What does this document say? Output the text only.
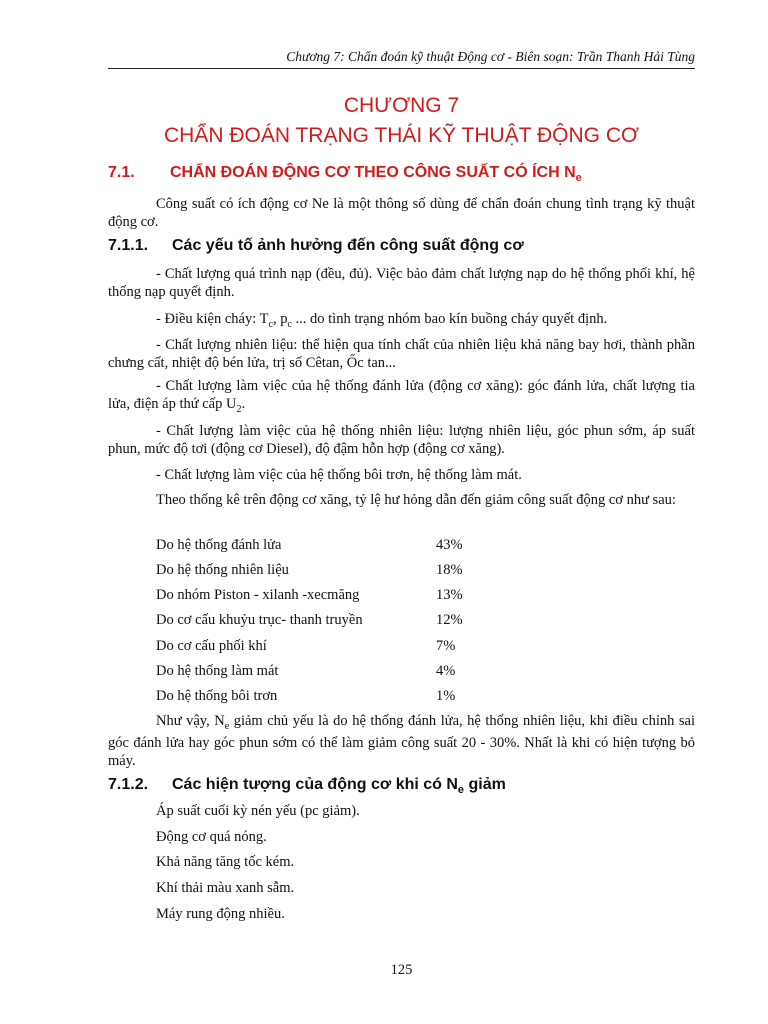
Chương 7: Chẩn đoán kỹ thuật Động cơ - Biên soạn: Trần Thanh Hải Tùng
CHƯƠNG 7
CHẨN ĐOÁN TRẠNG THÁI KỸ THUẬT ĐỘNG CƠ
7.1. CHẨN ĐOÁN ĐỘNG CƠ THEO CÔNG SUẤT CÓ ÍCH $N_e$
Công suất có ích động cơ Ne là một thông số dùng để chẩn đoán chung tình trạng kỹ thuật động cơ.
7.1.1. Các yếu tố ảnh hưởng đến công suất động cơ
- Chất lượng quá trình nạp (đều, đủ). Việc bảo đảm chất lượng nạp do hệ thống phối khí, hệ thống nạp quyết định.
- Điều kiện cháy: $T_c$, $p_c$ ... do tình trạng nhóm bao kín buồng cháy quyết định.
- Chất lượng nhiên liệu: thể hiện qua tính chất của nhiên liệu khả năng bay hơi, thành phần chưng cất, nhiệt độ bén lửa, trị số Cêtan, Ốc tan...
- Chất lượng làm việc của hệ thống đánh lửa (động cơ xăng): góc đánh lửa, chất lượng tia lửa, điện áp thứ cấp $U_2$.
- Chất lượng làm việc của hệ thống nhiên liệu: lượng nhiên liệu, góc phun sớm, áp suất phun, mức độ tơi (động cơ Diesel), độ đậm hỗn hợp (động cơ xăng).
- Chất lượng làm việc của hệ thống bôi trơn, hệ thống làm mát.
Theo thống kê trên động cơ xăng, tỷ lệ hư hỏng dẫn đến giảm công suất động cơ như sau:
Do hệ thống đánh lửa	43%
Do hệ thống nhiên liệu	18%
Do nhóm Piston - xilanh -xecmăng	13%
Do cơ cấu khuỷu trục- thanh truyền	12%
Do cơ cấu phối khí	7%
Do hệ thống làm mát	4%
Do hệ thống bôi trơn	1%
Như vậy, $N_e$ giảm chủ yếu là do hệ thống đánh lửa, hệ thống nhiên liệu, khi điều chỉnh sai góc đánh lửa hay góc phun sớm có thể làm giảm công suất 20 - 30%. Nhất là khi có hiện tượng bỏ máy.
7.1.2. Các hiện tượng của động cơ khi có $N_e$ giảm
Áp suất cuối kỳ nén yếu (pc giảm).
Động cơ quá nóng.
Khả năng tăng tốc kém.
Khí thải màu xanh sẫm.
Máy rung động nhiều.
125
